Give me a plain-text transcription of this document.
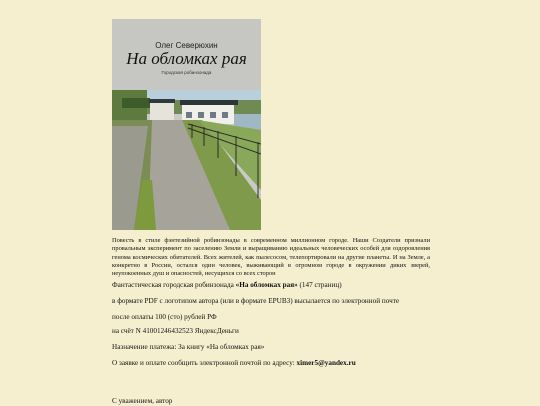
Олег Северюхин
На обломках рая
Городская робинзонада

Повесть в стиле фэнтезийной робинзонады в современном миллионном городе. Наши Создатели признали провальным эксперимент по заселению Земли и выращиванию идеальных человеческих особей для оздоровления генома космических обитателей. Всех жителей, как пылесосом, телепортировали на другие планеты. И на Земле, а конкретно в России, остался один человек, выживающий в огромном городе в окружении диких зверей, неупокоенных душ и опасностей, несущихся со всех сторон

Фантастическая городская робинзонада «На обломках рая» (147 страниц)

в формате PDF с логотипом автора (или в формате EPUB3) высылается по электронной почте

после оплаты 100 (сто) рублей РФ

на счёт N 41001246432523 ЯндексДеньги

Назначение платежа: За книгу «На обломках рая»

О заявке и оплате сообщить электронной почтой по адресу: ximer5@yandex.ru

С уважением, автор
